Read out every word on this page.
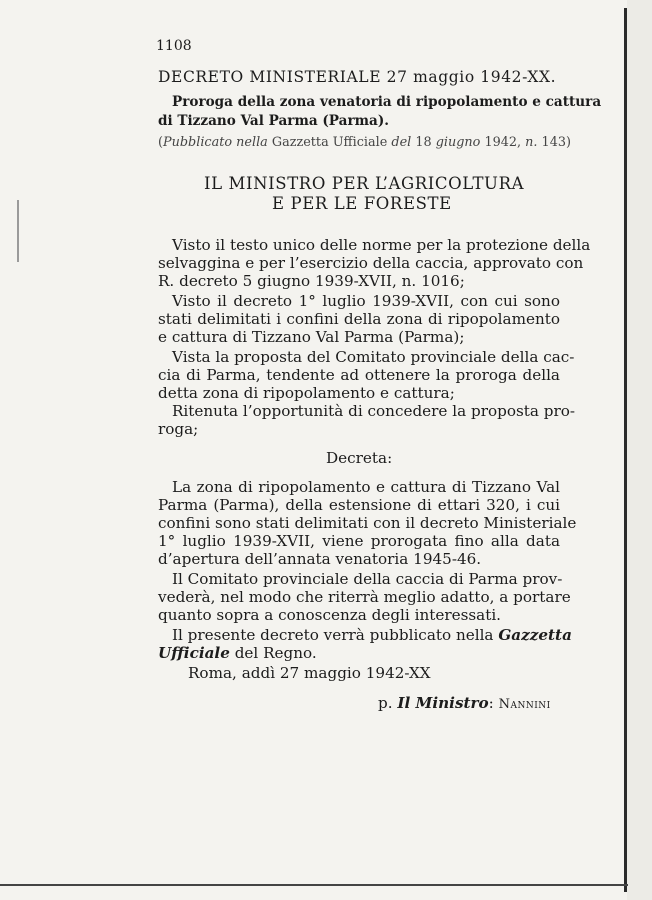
1108
DECRETO MINISTERIALE 27 maggio 1942-XX.
Proroga della zona venatoria di ripopolamento e cattura
di Tizzano Val Parma (Parma).
(Pubblicato nella Gazzetta Ufficiale del 18 giugno 1942, n. 143)
IL MINISTRO PER L’AGRICOLTURA
E PER LE FORESTE
Visto il testo unico delle norme per la protezione della
selvaggina e per l’esercizio della caccia, approvato con
R. decreto 5 giugno 1939-XVII, n. 1016;
Visto il decreto 1° luglio 1939-XVII, con cui sono
stati delimitati i confini della zona di ripopolamento
e cattura di Tizzano Val Parma (Parma);
Vista la proposta del Comitato provinciale della cac-
cia di Parma, tendente ad ottenere la proroga della
detta zona di ripopolamento e cattura;
Ritenuta l’opportunità di concedere la proposta pro-
roga;
Decreta:
La zona di ripopolamento e cattura di Tizzano Val
Parma (Parma), della estensione di ettari 320, i cui
confini sono stati delimitati con il decreto Ministeriale
1° luglio 1939-XVII, viene prorogata fino alla data
d’apertura dell’annata venatoria 1945-46.
Il Comitato provinciale della caccia di Parma prov-
vederà, nel modo che riterrà meglio adatto, a portare
quanto sopra a conoscenza degli interessati.
Il presente decreto verrà pubblicato nella Gazzetta
Ufficiale del Regno.
Roma, addì 27 maggio 1942-XX
p. Il Ministro: Nannini
